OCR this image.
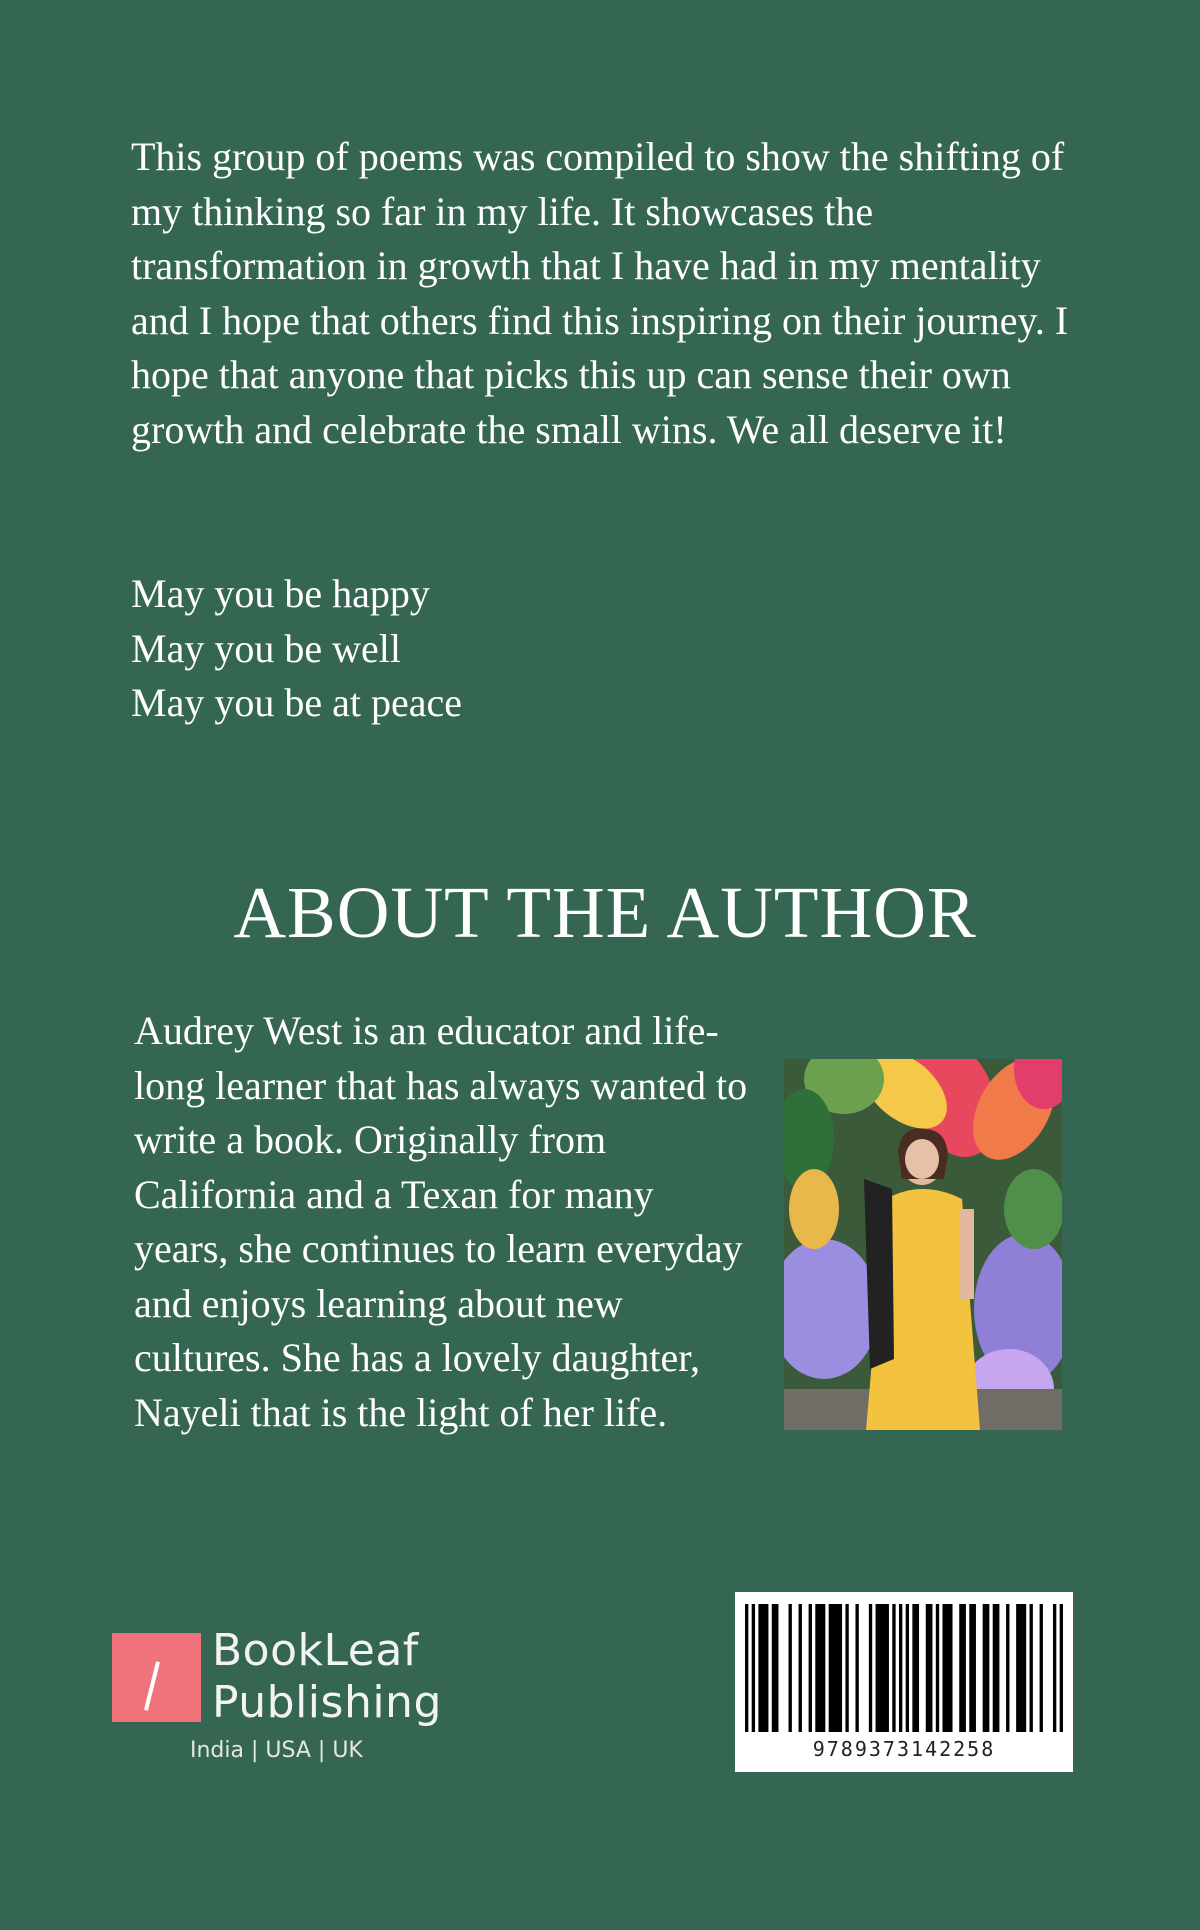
This group of poems was compiled to show the shifting of my thinking so far in my life. It showcases the transformation in growth that I have had in my mentality and I hope that others find this inspiring on their journey. I hope that anyone that picks this up can sense their own growth and celebrate the small wins. We all deserve it!

May you be happy
May you be well
May you be at peace
ABOUT THE AUTHOR

Audrey West is an educator and life-long learner that has always wanted to write a book. Originally from California and a Texan for many years, she continues to learn everyday and enjoys learning about new cultures. She has a lovely daughter, Nayeli that is the light of her life.

BookLeaf
Publishing
India | USA | UK	9789373142258
